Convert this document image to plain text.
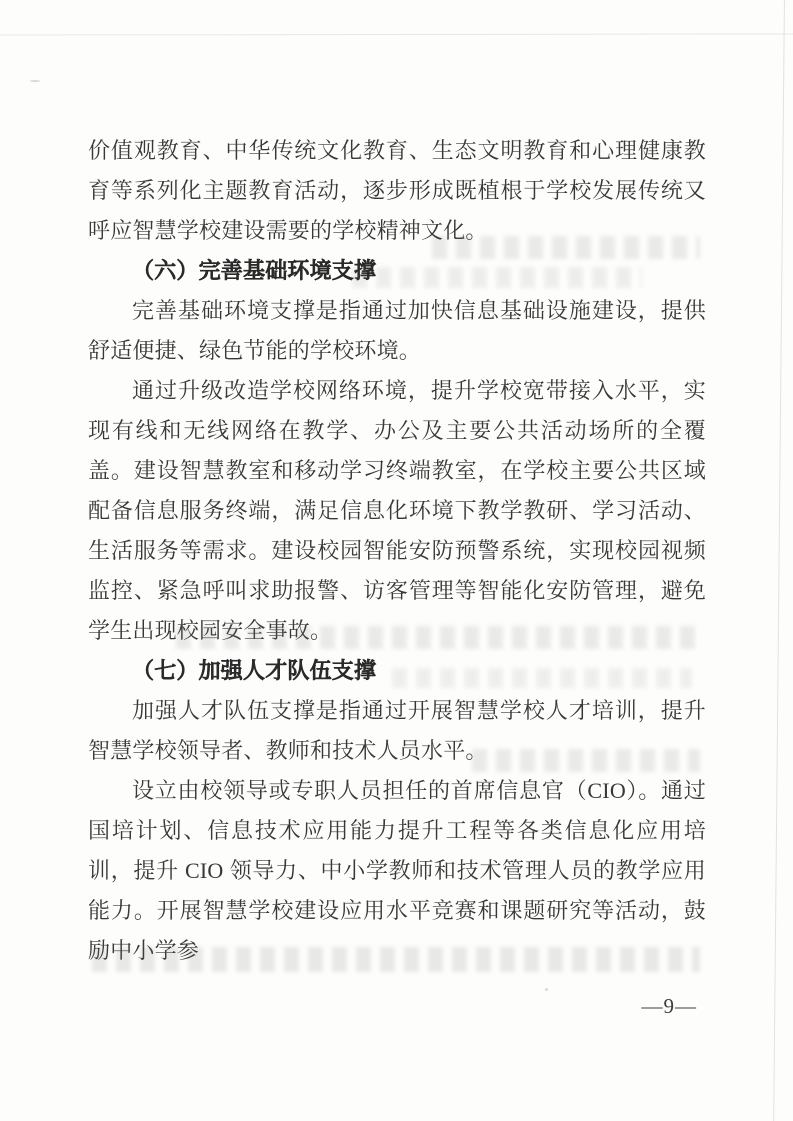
价值观教育、中华传统文化教育、生态文明教育和心理健康教育等系列化主题教育活动，逐步形成既植根于学校发展传统又呼应智慧学校建设需要的学校精神文化。

（六）完善基础环境支撑

完善基础环境支撑是指通过加快信息基础设施建设，提供舒适便捷、绿色节能的学校环境。

通过升级改造学校网络环境，提升学校宽带接入水平，实现有线和无线网络在教学、办公及主要公共活动场所的全覆盖。建设智慧教室和移动学习终端教室，在学校主要公共区域配备信息服务终端，满足信息化环境下教学教研、学习活动、生活服务等需求。建设校园智能安防预警系统，实现校园视频监控、紧急呼叫求助报警、访客管理等智能化安防管理，避免学生出现校园安全事故。

（七）加强人才队伍支撑

加强人才队伍支撑是指通过开展智慧学校人才培训，提升智慧学校领导者、教师和技术人员水平。

设立由校领导或专职人员担任的首席信息官（CIO）。通过国培计划、信息技术应用能力提升工程等各类信息化应用培训，提升 CIO 领导力、中小学教师和技术管理人员的教学应用能力。开展智慧学校建设应用水平竞赛和课题研究等活动，鼓励中小学参

—9—
